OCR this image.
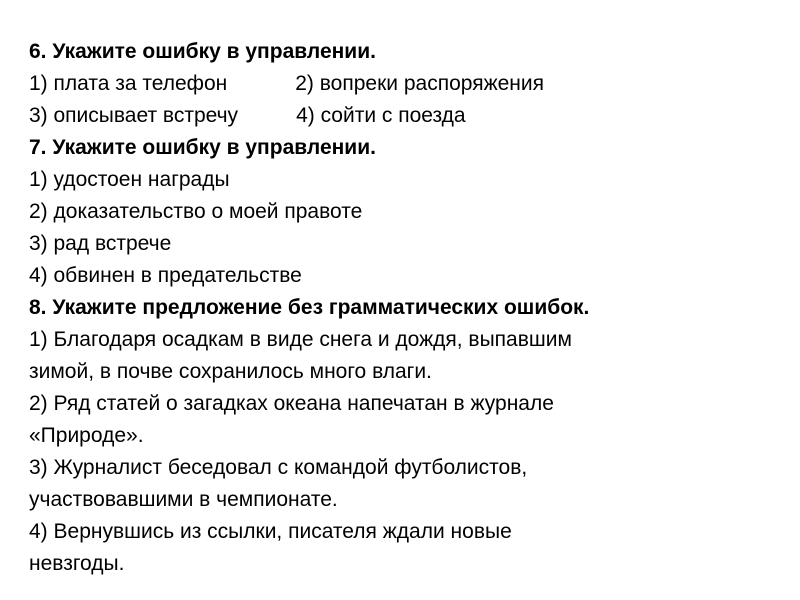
6. Укажите ошибку в управлении.
1) плата за телефон	2) вопреки распоряжения
3) описывает встречу	4) сойти с поезда
7. Укажите ошибку в управлении.
1) удостоен награды
2) доказательство о моей правоте
3) рад встрече
4) обвинен в предательстве
8. Укажите предложение без грамматических ошибок.
1) Благодаря осадкам в виде снега и дождя, выпавшим
зимой, в почве сохранилось много влаги.
2) Ряд статей о загадках океана напечатан в журнале
«Природе».
3) Журналист беседовал с командой футболистов,
участвовавшими в чемпионате.
4) Вернувшись из ссылки, писателя ждали новые
невзгоды.
